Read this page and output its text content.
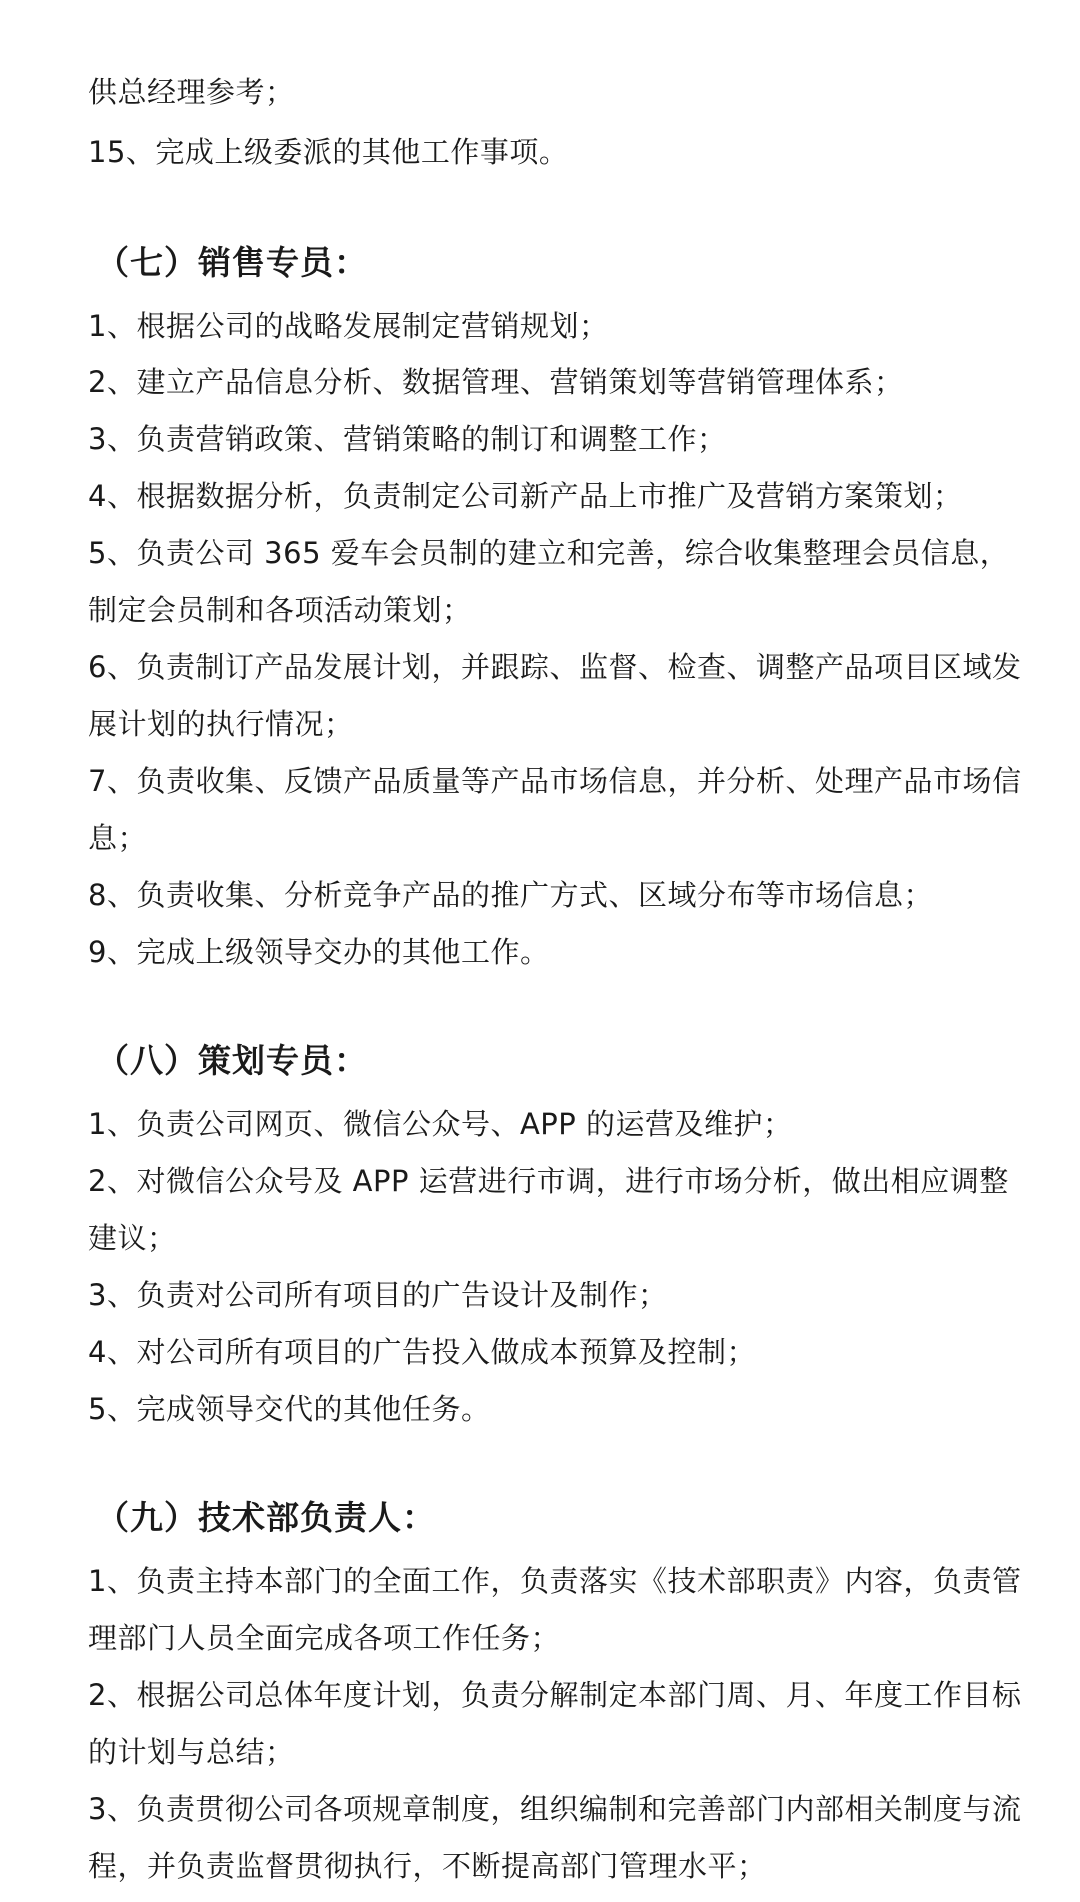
供总经理参考；
15、完成上级委派的其他工作事项。
（七）销售专员：
1、根据公司的战略发展制定营销规划；
2、建立产品信息分析、数据管理、营销策划等营销管理体系；
3、负责营销政策、营销策略的制订和调整工作；
4、根据数据分析，负责制定公司新产品上市推广及营销方案策划；
5、负责公司 365 爱车会员制的建立和完善，综合收集整理会员信息，
制定会员制和各项活动策划；
6、负责制订产品发展计划，并跟踪、监督、检查、调整产品项目区域发
展计划的执行情况；
7、负责收集、反馈产品质量等产品市场信息，并分析、处理产品市场信
息；
8、负责收集、分析竞争产品的推广方式、区域分布等市场信息；
9、完成上级领导交办的其他工作。
（八）策划专员：
1、负责公司网页、微信公众号、APP 的运营及维护；
2、对微信公众号及 APP 运营进行市调，进行市场分析，做出相应调整
建议；
3、负责对公司所有项目的广告设计及制作；
4、对公司所有项目的广告投入做成本预算及控制；
5、完成领导交代的其他任务。
（九）技术部负责人：
1、负责主持本部门的全面工作，负责落实《技术部职责》内容，负责管
理部门人员全面完成各项工作任务；
2、根据公司总体年度计划，负责分解制定本部门周、月、年度工作目标
的计划与总结；
3、负责贯彻公司各项规章制度，组织编制和完善部门内部相关制度与流
程，并负责监督贯彻执行，不断提高部门管理水平；
